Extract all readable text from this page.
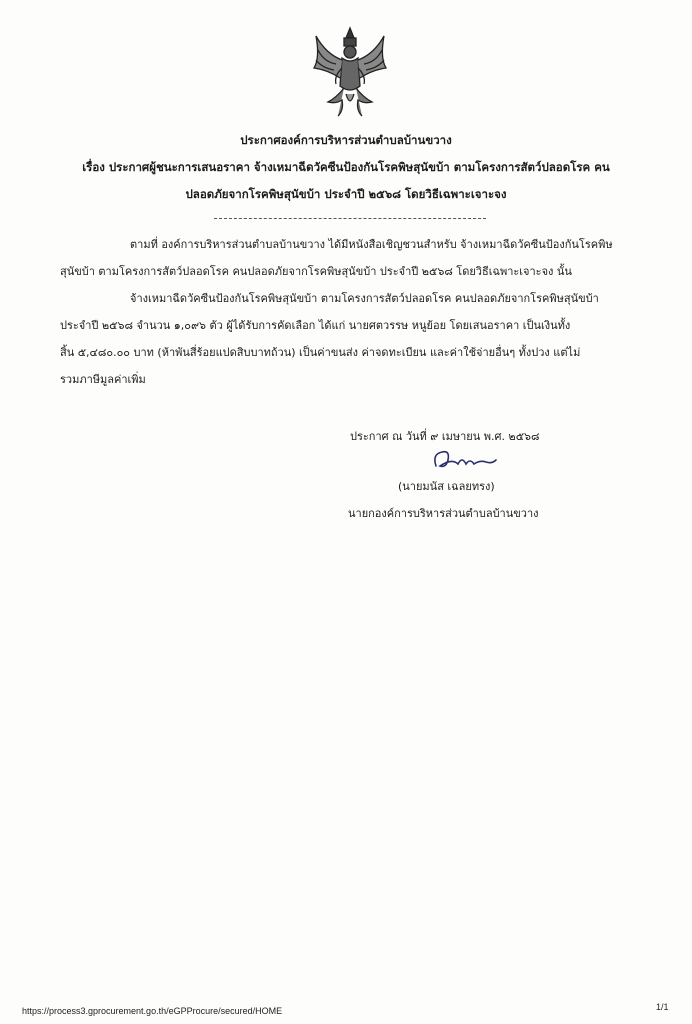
ประกาศองค์การบริหารส่วนตำบลบ้านขวาง
เรื่อง ประกาศผู้ชนะการเสนอราคา จ้างเหมาฉีดวัคซีนป้องกันโรคพิษสุนัขบ้า ตามโครงการสัตว์ปลอดโรค คน
ปลอดภัยจากโรคพิษสุนัขบ้า ประจำปี ๒๕๖๘ โดยวิธีเฉพาะเจาะจง
ตามที่ องค์การบริหารส่วนตำบลบ้านขวาง ได้มีหนังสือเชิญชวนสำหรับ จ้างเหมาฉีดวัคซีนป้องกันโรคพิษ
สุนัขบ้า ตามโครงการสัตว์ปลอดโรค คนปลอดภัยจากโรคพิษสุนัขบ้า ประจำปี ๒๕๖๘ โดยวิธีเฉพาะเจาะจง นั้น
จ้างเหมาฉีดวัคซีนป้องกันโรคพิษสุนัขบ้า ตามโครงการสัตว์ปลอดโรค คนปลอดภัยจากโรคพิษสุนัขบ้า
ประจำปี ๒๕๖๘ จำนวน ๑,๐๙๖ ตัว ผู้ได้รับการคัดเลือก ได้แก่ นายศตวรรษ หนูย้อย โดยเสนอราคา เป็นเงินทั้ง
สิ้น ๕,๔๘๐.๐๐ บาท (ห้าพันสี่ร้อยแปดสิบบาทถ้วน) เป็นค่าขนส่ง ค่าจดทะเบียน และค่าใช้จ่ายอื่นๆ ทั้งปวง แต่ไม่
รวมภาษีมูลค่าเพิ่ม
ประกาศ ณ วันที่ ๙ เมษายน พ.ศ. ๒๕๖๘
(นายมนัส เฉลยทรง)
นายกองค์การบริหารส่วนตำบลบ้านขวาง
https://process3.gprocurement.go.th/eGPProcure/secured/HOME	1/1
